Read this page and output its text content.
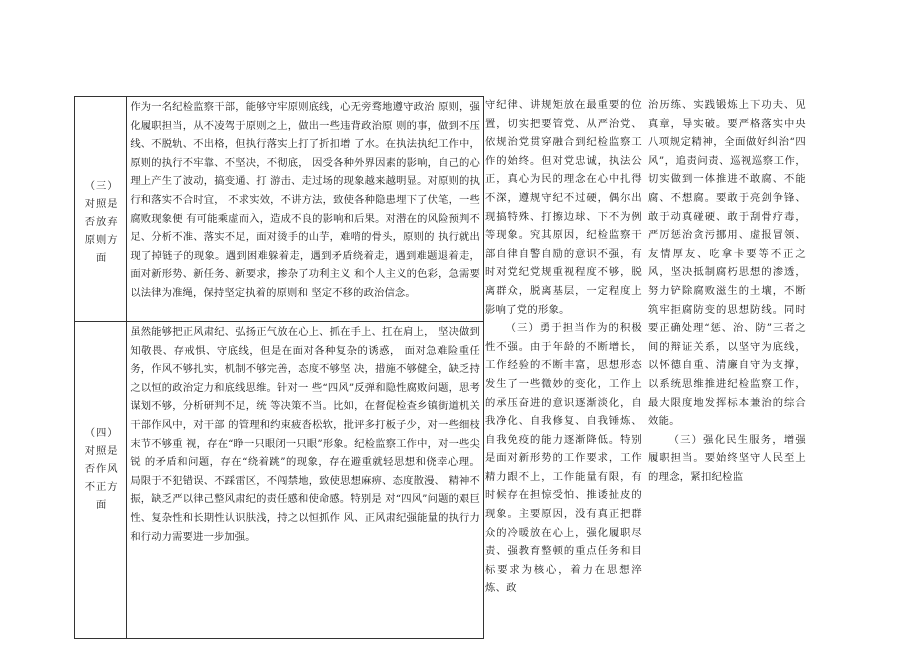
（三） 对照是 否放弃 原则方面	作为一名纪检监察干部，能够守牢原则底线，心无旁骛地遵守政治 原则，强化履职担当，从不凌驾于原则之上，做出一些违背政治原 则的事，做到不压线、不脱轨、不出格，但执行落实上打了折扣增 了水。在执法执纪工作中，原则的执行不牢靠、不坚决，不彻底， 因受各种外界因素的影响，自己的心理上产生了波动，搞变通、打 游击、走过场的现象越来越明显。对原则的执行和落实不合时宜， 不求实效，不讲方法，致使各种隐患埋下了伏笔，一些腐败现象便 有可能乘虚而入，造成不良的影响和后果。对潜在的风险预判不 足、分析不准、落实不足，面对烫手的山芋，难啃的骨头，原则的 执行就出现了掉链子的现象。遇到困难躲着走，遇到矛盾绕着走，遇到难题退着走，面对新形势、新任务、新要求，掺杂了功利主义 和个人主义的色彩，急需要以法律为准绳，保持坚定执着的原则和 坚定不移的政治信念。

（四） 对照是 否作风 不正方面	虽然能够把正风肃纪、弘扬正气放在心上、抓在手上、扛在肩上， 坚决做到知敬畏、存戒惧、守底线，但是在面对各种复杂的诱惑， 面对急难险重任务，作风不够扎实，机制不够完善，态度不够坚 决，措施不够健全，缺乏持之以恒的政治定力和底线思维。针对一 些“四风”反弹和隐性腐败问题，思考谋划不够，分析研判不足，统 等决策不当。比如，在督促检查乡镇街道机关干部作风中，对干部 的管理和约束疲沓松软，批评多打板子少，对一些细枝末节不够重 视，存在“睁一只眼闭一只眼”形象。纪检监察工作中，对一些尖锐 的矛盾和问题，存在“绕着跳”的现象，存在避重就轻思想和侥幸心理。 局限于不犯错误、不踩雷区，不闯禁地，致使思想麻痹、态度散漫、 精神不振，缺乏严以律己整风肃纪的责任感和使命感。特别是 对“四风”问题的艰巨性、复杂性和长期性认识肤浅，持之以恒抓作 风、正风肃纪强能量的执行力和行动力需要进一步加强。

守纪律、讲规矩放在最重要的位置，切实把要管党、从严治党、依规治党贯穿融合到纪检监察工作的始终。但对党忠诚，执法公正，真心为民的理念在心中扎得不深，遵规守纪不过硬，偶尔出现搞特殊、打擦边球、下不为例等现象。究其原因，纪检监察干部自律自警自励的意识不强，有时对党纪党规重视程度不够，脱离群众，脱离基层，一定程度上影响了党的形象。

（三）勇于担当作为的积极性不强。由于年龄的不断增长，工作经验的不断丰富，思想形态发生了一些微妙的变化，工作上的承压奋进的意识逐渐淡化，自我净化、自我修复、自我锤炼、自我免疫的能力逐渐降低。特别是面对新形势的工作要求，工作精力跟不上，工作能量有限，有时候存在担惊受怕、推诿扯皮的现象。主要原因，没有真正把群众的冷暖放在心上，强化履职尽责、强教育整顿的重点任务和目标要求为核心，着力在思想淬炼、政

治历练、实践锻炼上下功夫、见真章，导实破。要严格落实中央八项规定精神，全面做好纠治“四风”，追责问责、巡视巡察工作，切实做到一体推进不敢腐、不能腐、不想腐。要敢于亮剑争锋、敢于动真碰硬、敢于刮骨疗毒，严厉惩治贪污挪用、虚报冒领、友情厚友、吃拿卡要等不正之风，坚决抵制腐朽思想的渗透，努力铲除腐败滋生的土壤，不断筑牢拒腐防变的思想防线。同时要正确处理“惩、治、防”三者之间的辩证关系，以坚守为底线，以怀德自重、清廉自守为支撑，以系统思维推进纪检监察工作，最大限度地发挥标本兼治的综合效能。

（三）强化民生服务，增强履职担当。要始终坚守人民至上的理念，紧扣纪检监
